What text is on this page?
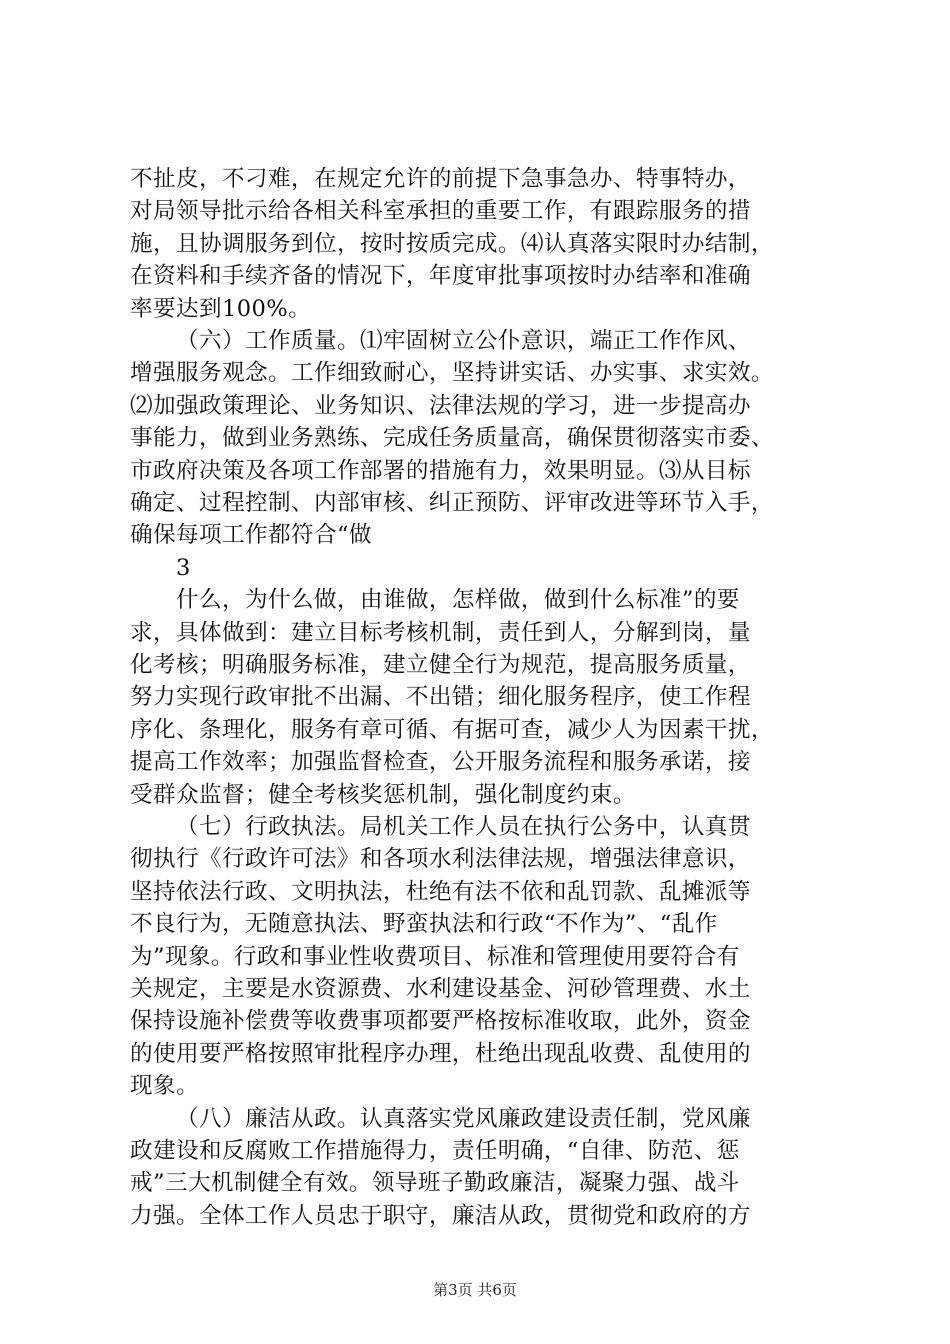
3
第3页 共6页
不扯皮，不刁难，在规定允许的前提下急事急办、特事特办，
对局领导批示给各相关科室承担的重要工作，有跟踪服务的措
施，且协调服务到位，按时按质完成。⑷认真落实限时办结制，
在资料和手续齐备的情况下，年度审批事项按时办结率和准确
率要达到100%。
（六）工作质量。⑴牢固树立公仆意识，端正工作作风、
增强服务观念。工作细致耐心，坚持讲实话、办实事、求实效。
⑵加强政策理论、业务知识、法律法规的学习，进一步提高办
事能力，做到业务熟练、完成任务质量高，确保贯彻落实市委、
市政府决策及各项工作部署的措施有力，效果明显。⑶从目标
确定、过程控制、内部审核、纠正预防、评审改进等环节入手，
确保每项工作都符合“做
什么，为什么做，由谁做，怎样做，做到什么标准”的要
求，具体做到：建立目标考核机制，责任到人，分解到岗，量
化考核；明确服务标准，建立健全行为规范，提高服务质量，
努力实现行政审批不出漏、不出错；细化服务程序，使工作程
序化、条理化，服务有章可循、有据可查，减少人为因素干扰，
提高工作效率；加强监督检查，公开服务流程和服务承诺，接
受群众监督；健全考核奖惩机制，强化制度约束。
（七）行政执法。局机关工作人员在执行公务中，认真贯
彻执行《行政许可法》和各项水利法律法规，增强法律意识，
坚持依法行政、文明执法，杜绝有法不依和乱罚款、乱摊派等
不良行为，无随意执法、野蛮执法和行政“不作为”、“乱作
为”现象。行政和事业性收费项目、标准和管理使用要符合有
关规定，主要是水资源费、水利建设基金、河砂管理费、水土
保持设施补偿费等收费事项都要严格按标准收取，此外，资金
的使用要严格按照审批程序办理，杜绝出现乱收费、乱使用的
现象。
（八）廉洁从政。认真落实党风廉政建设责任制，党风廉
政建设和反腐败工作措施得力，责任明确，“自律、防范、惩
戒”三大机制健全有效。领导班子勤政廉洁，凝聚力强、战斗
力强。全体工作人员忠于职守，廉洁从政，贯彻党和政府的方
